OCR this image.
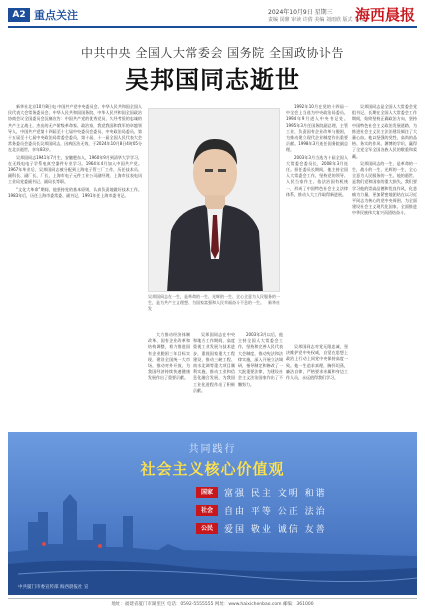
A2 重点关注	2024年10月9日 星期三
责编 闵鼎 审读 许倩 美编 刘雨欣 版式 马程
海西晨报
中共中央 全国人大常委会 国务院 全国政协讣告
吴邦国同志逝世

新华社北京10月8日电 中国共产党中央委员会、中华人民共和国全国人民代表大会常务委员会、中华人民共和国国务院、中华人民共和国全国政治协商会议全国委员会沉痛宣告：中国共产党的优秀党员，久经考验的忠诚的共产主义战士，杰出的无产阶级革命家、政治家，我党我国和我军的卓越领导人，中国共产党第十四届至十七届中央委员会委员、中央政治局委员，第十五届至十七届中央政治局常委会委员，第十届、十一届全国人民代表大会常务委员会委员长吴邦国同志，因病医治无效，于2024年10月8日4时05分在北京逝世，享年83岁。

吴邦国同志1941年7月生，安徽肥东人，1960年9月到清华大学学习，在无线电电子学系电真空器件专业学习。1964年4月加入中国共产党。1967年毕业后，吴邦国同志被分配到上海电子管三厂工作，历任技术员、副科长、副厂长、厂长，上海市电子元件工业公司副经理，上海市仪表电讯工业局党委副书记、副局长等职。

“文化大革命”期间，他坚持党的基本原则，认真负责地做好技术工作。1983年后，历任上海市委常委、副书记，1991年任上海市委书记。

吴邦国同志在一生，是革命的一生、光辉的一生、全心全意为人民服务的一生，是为共产主义理想、为国家富强和人民幸福奋斗不息的一生。　新华社发

1992年10月在党的十四届一中全会上当选为中央政治局委员，1994年9月进入中央书记处。1995年3月任国务院副总理，主管工业，负责国有企业改革与脱困，为推动建立现代企业制度作出重要贡献。1998年3月连任国务院副总理。

2003年3月当选为十届全国人大常委会委员长，2008年3月连任。担任委员长期间，他主持全国人大常委会工作，坚持党的领导、人民当家作主、依法治国有机统一，形成了中国特色社会主义法律体系，推动人大工作取得新进展。

吴邦国同志是全国人大常委会党组书记，长期在全国人大常委会工作期间，始终坚持正确政治方向，坚持中国特色社会主义政治发展道路，为推进社会主义民主法治建设倾注了大量心血。他以坚强的党性、高尚的品格、务实的作风、渊博的学识，赢得了全党全军全国各族人民的敬重和爱戴。

吴邦国同志的一生，是革命的一生，战斗的一生，光辉的一生，全心全意为人民服务的一生。他的逝世，是我们党和国家的重大损失。我们要学习他的崇高品德和优良作风，化悲痛为力量，更加紧密地团结在以习近平同志为核心的党中央周围，为全面建设社会主义现代化国家、全面推进中华民族伟大复兴而团结奋斗。

大力推动经济体制改革、国有企业改革和结构调整，着力推进国有企业脱困三年目标实现，建设全国统一大市场，推动对外开放，为我国经济持续快速健康发展作出了重要贡献。

吴邦国同志在中央和地方工作期间，高度重视工业发展与技术进步，重视国家重大工程建设，推动三峡工程、南水北调等重大项目顺利实施，推动工业和信息化融合发展，为我国工业化进程作出了积极贡献。

2003年3月以后，他主持全国人大常委会工作，坚持和完善人民代表大会制度，推动宪法和法律实施，深入开展立法调研，指导制定和修改了一大批重要法律，为建设社会主义法治国家作出了不懈努力。

吴邦国同志对党无限忠诚，坚决维护党中央权威，自觉在思想上政治上行动上同党中央保持高度一致。他一生追求真理，胸怀坦荡，廉洁自律，严格要求亲属和身边工作人员，永远值得我们学习。

共同践行
社会主义核心价值观
国家	富强 民主 文明 和谐
社会	自由 平等 公正 法治
公民	爱国 敬业 诚信 友善
中共厦门市委宣传部 海西晨报社 宣
地址：福建省厦门市湖里区 电话：0592-5555555 网址：www.haixichenbao.com 邮编：361000
